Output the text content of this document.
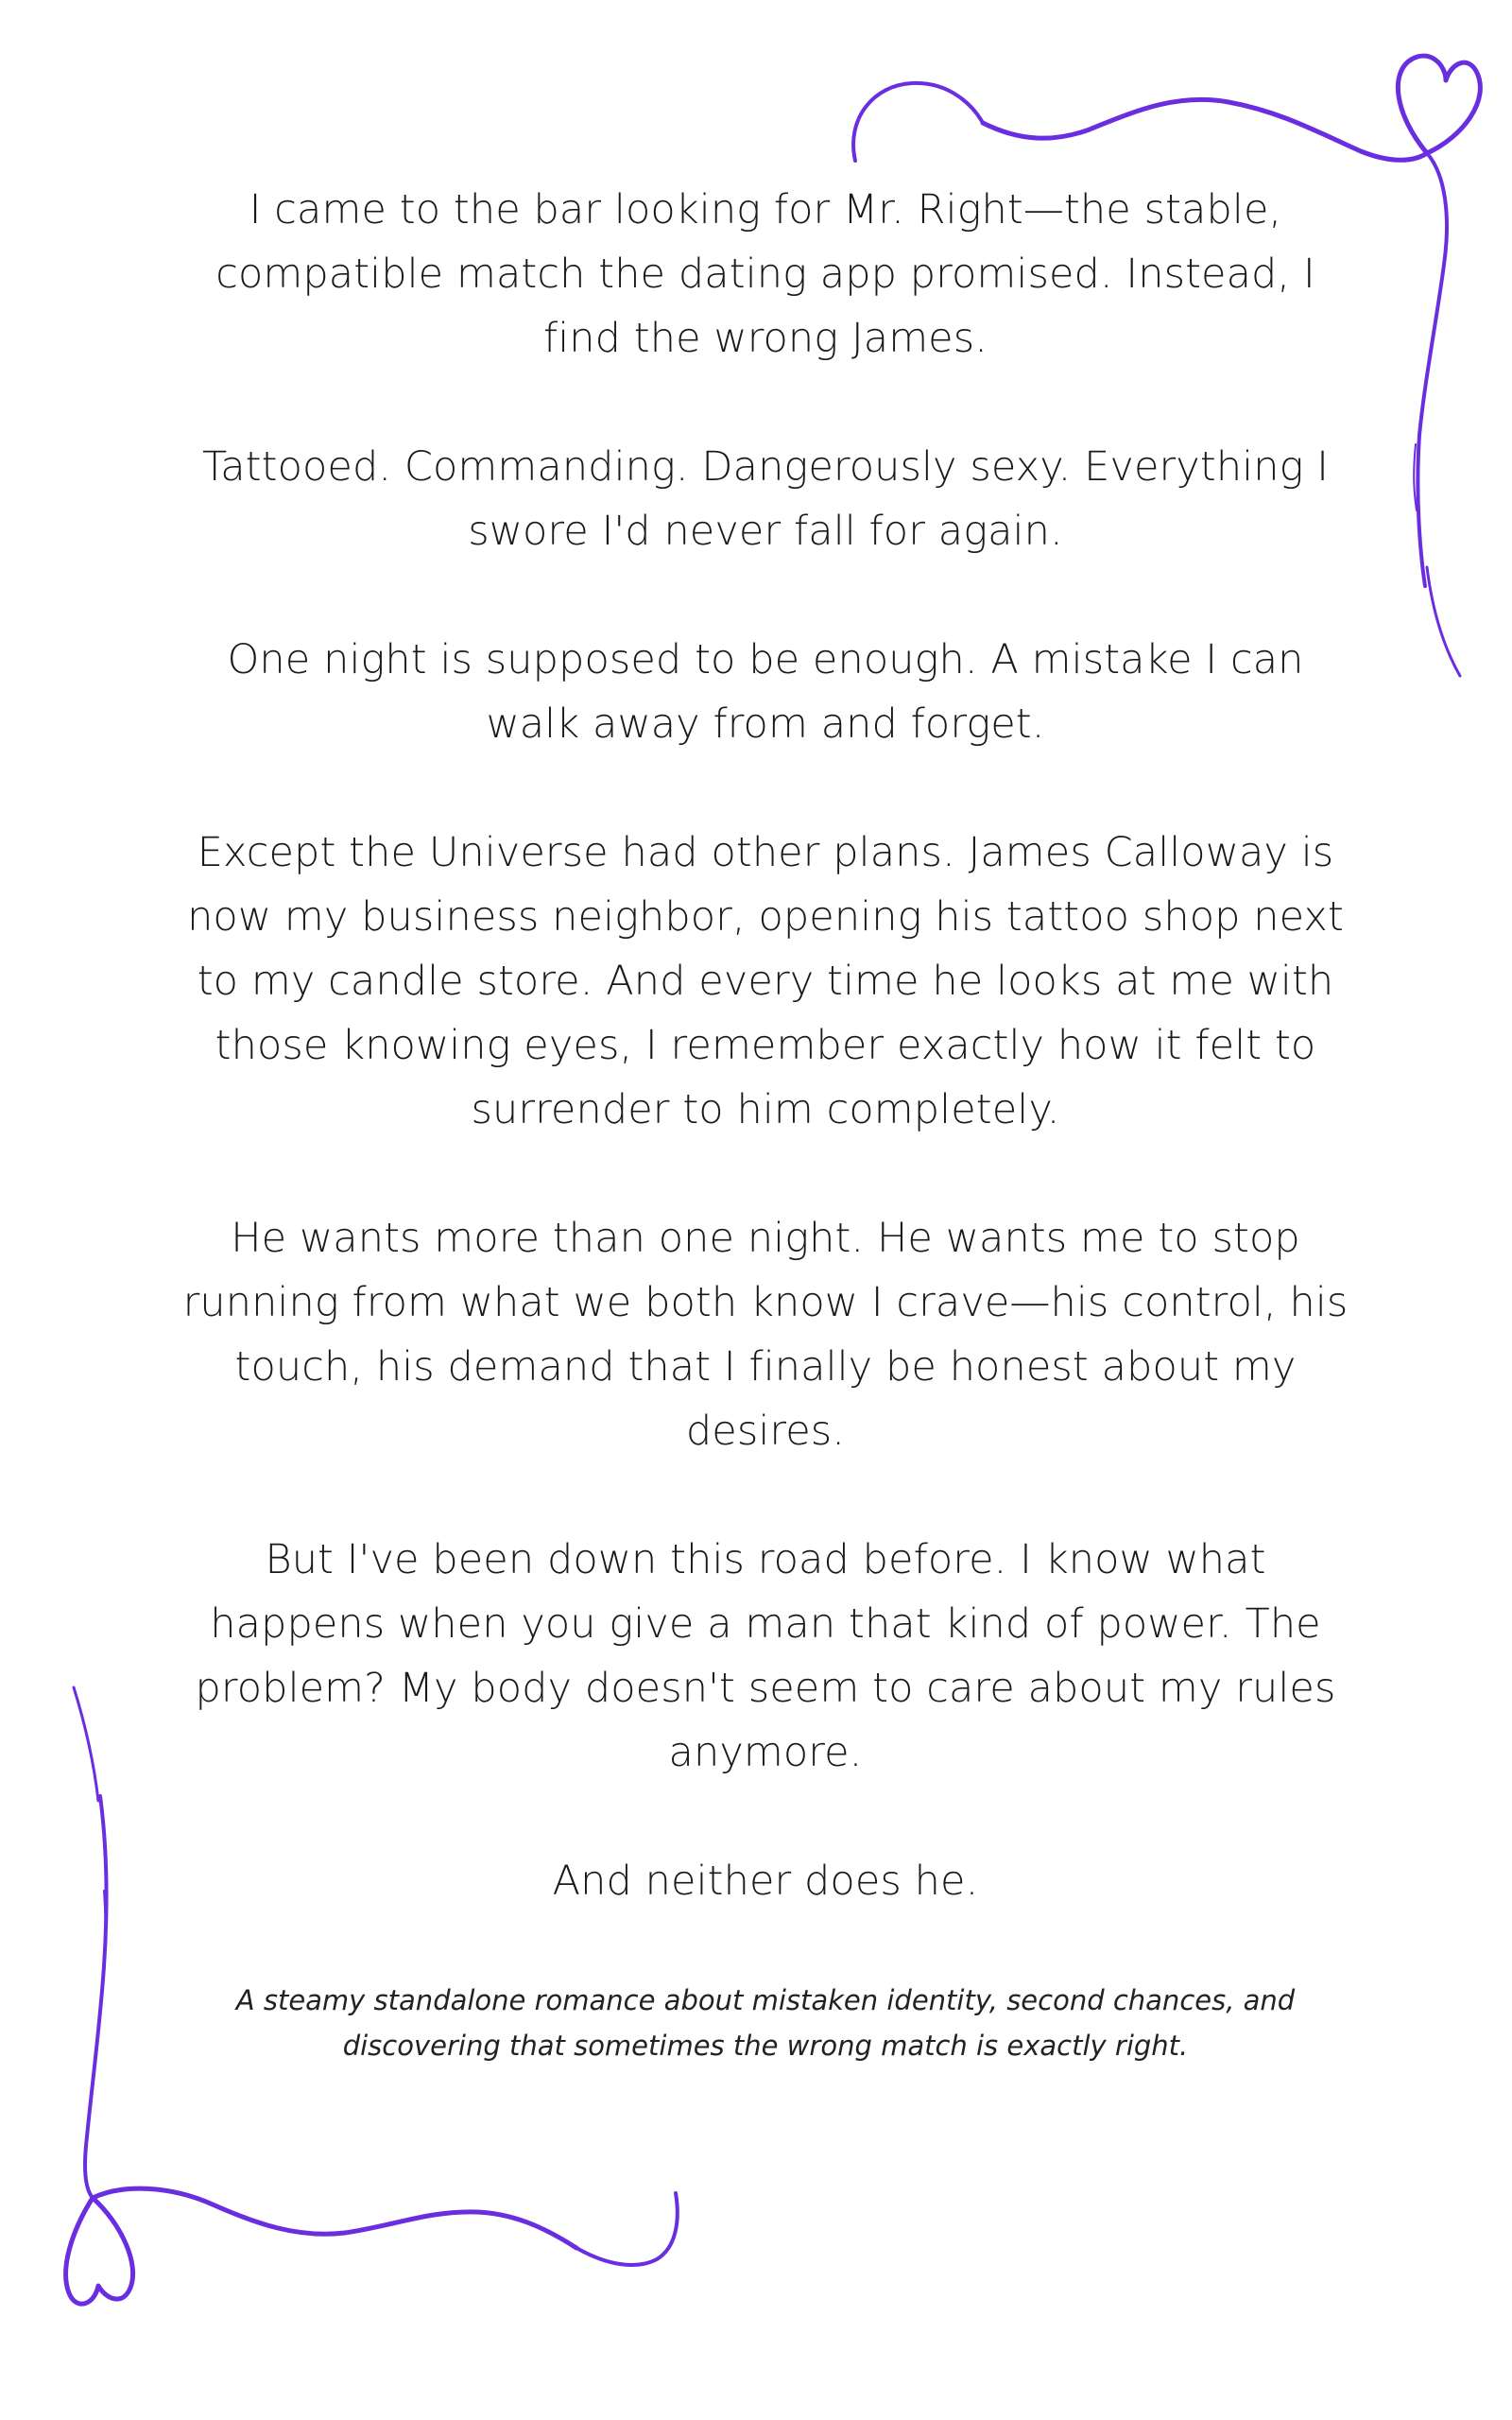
I came to the bar looking for Mr. Right—the stable, compatible match the dating app promised. Instead, I find the wrong James.

Tattooed. Commanding. Dangerously sexy. Everything I swore I'd never fall for again.

One night is supposed to be enough. A mistake I can walk away from and forget.

Except the Universe had other plans. James Calloway is now my business neighbor, opening his tattoo shop next to my candle store. And every time he looks at me with those knowing eyes, I remember exactly how it felt to surrender to him completely.

He wants more than one night. He wants me to stop running from what we both know I crave—his control, his touch, his demand that I finally be honest about my desires.

But I've been down this road before. I know what happens when you give a man that kind of power. The problem? My body doesn't seem to care about my rules anymore.

And neither does he.

A steamy standalone romance about mistaken identity, second chances, and discovering that sometimes the wrong match is exactly right.
